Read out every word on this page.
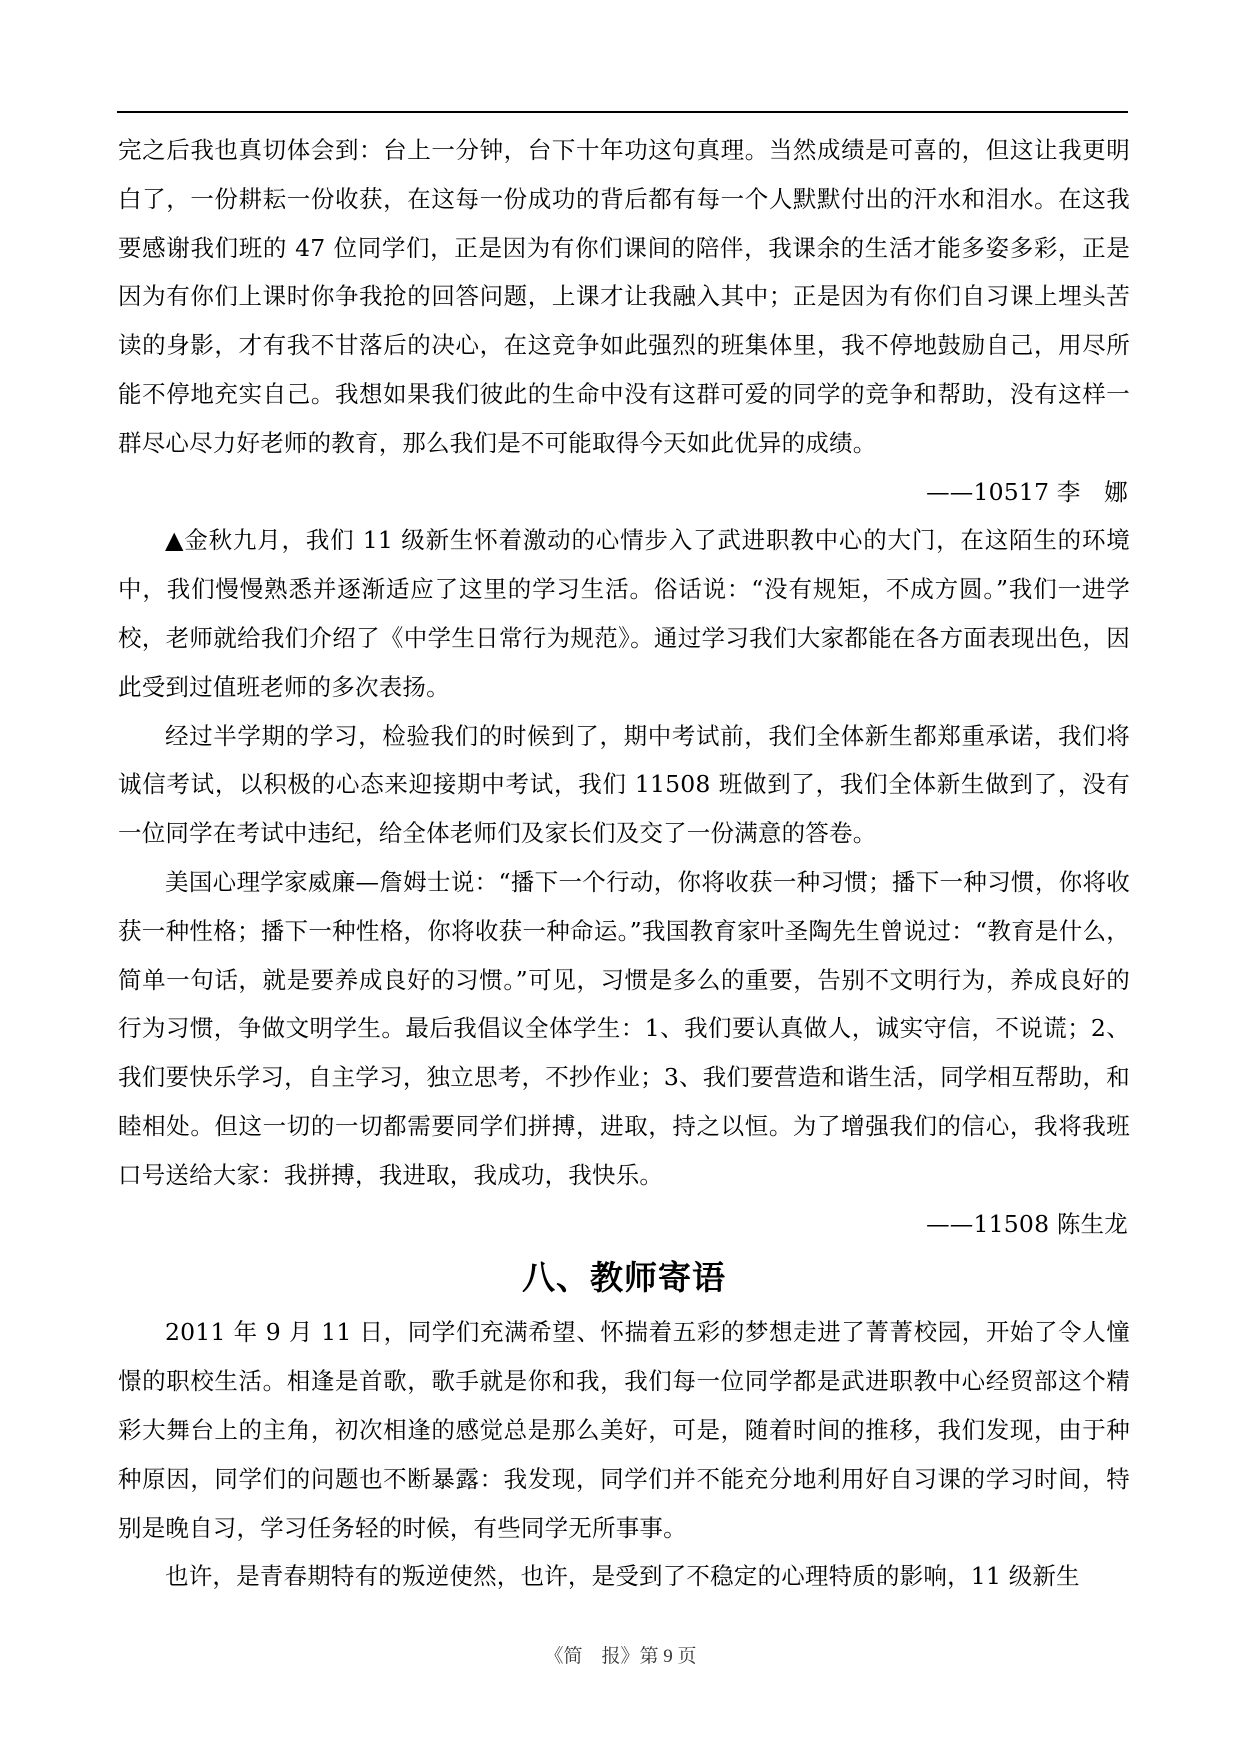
完之后我也真切体会到：台上一分钟，台下十年功这句真理。当然成绩是可喜的，但这让我更明白了，一份耕耘一份收获，在这每一份成功的背后都有每一个人默默付出的汗水和泪水。在这我要感谢我们班的 47 位同学们，正是因为有你们课间的陪伴，我课余的生活才能多姿多彩，正是因为有你们上课时你争我抢的回答问题，上课才让我融入其中；正是因为有你们自习课上埋头苦读的身影，才有我不甘落后的决心，在这竞争如此强烈的班集体里，我不停地鼓励自己，用尽所能不停地充实自己。我想如果我们彼此的生命中没有这群可爱的同学的竞争和帮助，没有这样一群尽心尽力好老师的教育，那么我们是不可能取得今天如此优异的成绩。

——10517 李　娜

▲金秋九月，我们 11 级新生怀着激动的心情步入了武进职教中心的大门，在这陌生的环境中，我们慢慢熟悉并逐渐适应了这里的学习生活。俗话说：“没有规矩，不成方圆。”我们一进学校，老师就给我们介绍了《中学生日常行为规范》。通过学习我们大家都能在各方面表现出色，因此受到过值班老师的多次表扬。

经过半学期的学习，检验我们的时候到了，期中考试前，我们全体新生都郑重承诺，我们将诚信考试，以积极的心态来迎接期中考试，我们 11508 班做到了，我们全体新生做到了，没有一位同学在考试中违纪，给全体老师们及家长们及交了一份满意的答卷。

美国心理学家威廉—詹姆士说：“播下一个行动，你将收获一种习惯；播下一种习惯，你将收获一种性格；播下一种性格，你将收获一种命运。”我国教育家叶圣陶先生曾说过：“教育是什么，简单一句话，就是要养成良好的习惯。”可见，习惯是多么的重要，告别不文明行为，养成良好的行为习惯，争做文明学生。最后我倡议全体学生：1、我们要认真做人，诚实守信，不说谎；2、我们要快乐学习，自主学习，独立思考，不抄作业；3、我们要营造和谐生活，同学相互帮助，和睦相处。但这一切的一切都需要同学们拼搏，进取，持之以恒。为了增强我们的信心，我将我班口号送给大家：我拼搏，我进取，我成功，我快乐。

——11508 陈生龙

八、教师寄语

2011 年 9 月 11 日，同学们充满希望、怀揣着五彩的梦想走进了菁菁校园，开始了令人憧憬的职校生活。相逢是首歌，歌手就是你和我，我们每一位同学都是武进职教中心经贸部这个精彩大舞台上的主角，初次相逢的感觉总是那么美好，可是，随着时间的推移，我们发现，由于种种原因，同学们的问题也不断暴露：我发现，同学们并不能充分地利用好自习课的学习时间，特别是晚自习，学习任务轻的时候，有些同学无所事事。

也许，是青春期特有的叛逆使然，也许，是受到了不稳定的心理特质的影响，11 级新生

《简　报》第 9 页
